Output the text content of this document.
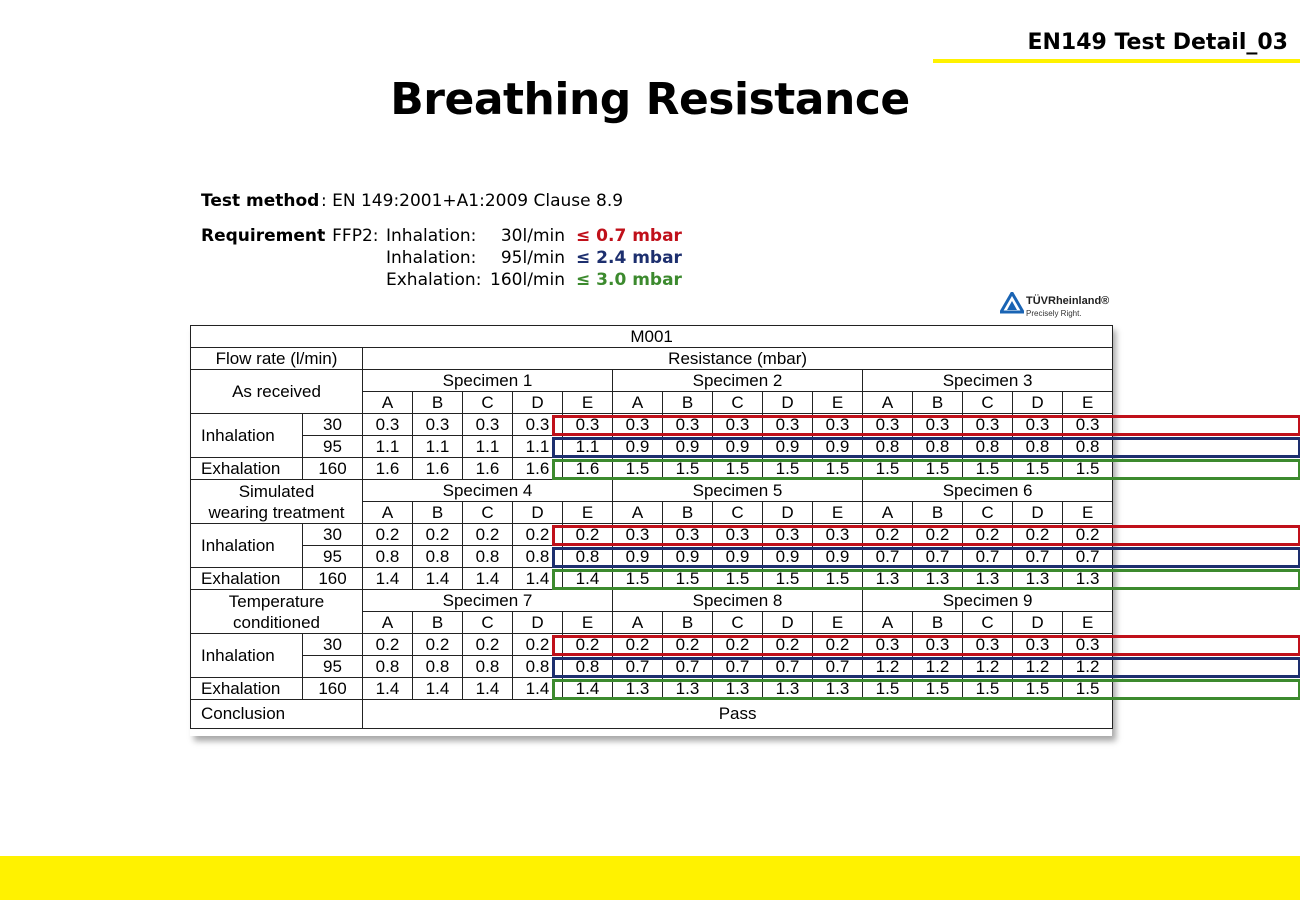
EN149 Test Detail_03
Breathing Resistance
Test method: EN 149:2001+A1:2009 Clause 8.9
Requirement: FFP2: Inhalation: 30l/min ≤ 0.7 mbar
Inhalation: 95l/min ≤ 2.4 mbar
Exhalation: 160l/min ≤ 3.0 mbar
TÜVRheinland®
Precisely Right.
M001																
Flow rate (l/min)		Resistance (mbar)														

As received		Specimen 1					Specimen 2					Specimen 3				
		A	B	C	D	E	A	B	C	D	E	A	B	C	D	E
Inhalation	30	0.3	0.3	0.3	0.3	0.3	0.3	0.3	0.3	0.3	0.3	0.3	0.3	0.3	0.3	0.3
	95	1.1	1.1	1.1	1.1	1.1	0.9	0.9	0.9	0.9	0.9	0.8	0.8	0.8	0.8	0.8
Exhalation	160	1.6	1.6	1.6	1.6	1.6	1.5	1.5	1.5	1.5	1.5	1.5	1.5	1.5	1.5	1.5

Simulated
wearing treatment		Specimen 4					Specimen 5					Specimen 6				
		A	B	C	D	E	A	B	C	D	E	A	B	C	D	E
Inhalation	30	0.2	0.2	0.2	0.2	0.2	0.3	0.3	0.3	0.3	0.3	0.2	0.2	0.2	0.2	0.2
	95	0.8	0.8	0.8	0.8	0.8	0.9	0.9	0.9	0.9	0.9	0.7	0.7	0.7	0.7	0.7
Exhalation	160	1.4	1.4	1.4	1.4	1.4	1.5	1.5	1.5	1.5	1.5	1.3	1.3	1.3	1.3	1.3

Temperature
conditioned		Specimen 7					Specimen 8					Specimen 9				
		A	B	C	D	E	A	B	C	D	E	A	B	C	D	E
Inhalation	30	0.2	0.2	0.2	0.2	0.2	0.2	0.2	0.2	0.2	0.2	0.3	0.3	0.3	0.3	0.3
	95	0.8	0.8	0.8	0.8	0.8	0.7	0.7	0.7	0.7	0.7	1.2	1.2	1.2	1.2	1.2
Exhalation	160	1.4	1.4	1.4	1.4	1.4	1.3	1.3	1.3	1.3	1.3	1.5	1.5	1.5	1.5	1.5
Conclusion		Pass														
